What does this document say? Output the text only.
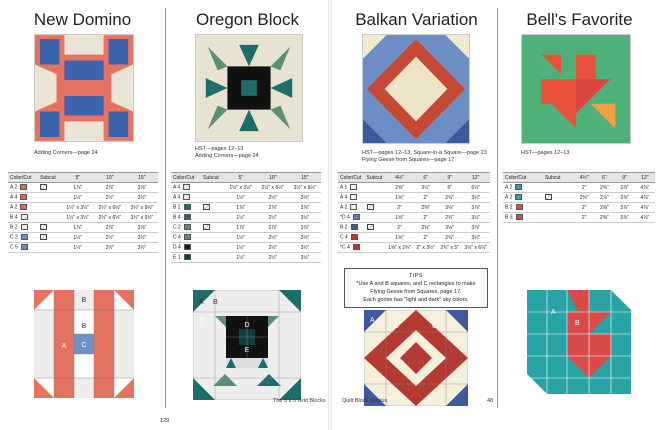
New Domino
Adding Corners—page 24
Color/Cut	Subcut	5"	10"	15"
A 2		1⅞"	2⅞"	3⅞"
A 4		1½"	2½"	3½"
A 2		1½" x 3½"	2½" x 6½"	3½" x 9½"
B 4		1½" x 3½"	2½" x 6½"	3½" x 9½"
B 2		1⅞"	2⅞"	3⅞"
C 2		1½"	2½"	3½"
C 5		1½"	2½"	3½"
B
A
B
C
Oregon Block
HST—pages 12–13
Adding Corners—page 24
Color/Cut	Subcut	5"	10"	15"
A 4		1½" x 3½"	2½" x 6½"	3½" x 9½"
A 4		1½"	2½"	3½"
B 2		1⅞"	2⅞"	3⅞"
B 4		1½"	2½"	3½"
C 2		1⅞"	2⅞"	3⅞"
C 4		1½"	2½"	3½"
D 4		1½"	2½"	3½"
E 1		1½"	2½"	3½"
A B
C
D
E
The 5 x 5 Grid Blocks
129
Balkan Variation
HST—pages 12–13; Square-in-a Square—page 23
Flying Geese from Squares—page 17
Color/Cut	Subcut	4½"	6"	9"	12"
A 1		2⅜"	3½"	5"	6½"
A 4		1⅝"	2"	2¾"	3½"
A 2		2"	2⅜"	3⅛"	3⅞"
*D 4		1⅝"	2"	2¾"	3½"
B 2		2"	2⅜"	3⅛"	3⅞"
C 4		1⅝"	2"	2¾"	3½"
*C 4		1⅝" x 2¾"	2" x 3½"	2¾" x 5"	3½" x 6½"
TIPS
*Use A and B squares, and C rectangles to make
Flying Geese from Squares, page 17.
Each goose has "light and dark" sky colors.
A
B	C
Quilt Block Genius
Bell's Favorite
HST—pages 12–13
Color/Cut	Subcut	4½"	6"	9"	12"
A 2		2"	2⅜"	3⅞"	4⅞"
A 2		2⅜"	2⅞"	3⅞"	4⅞"
B 2		2"	2⅜"	3⅞"	4⅞"
B 3		2"	2⅜"	3⅞"	4⅞"
A
B
48
